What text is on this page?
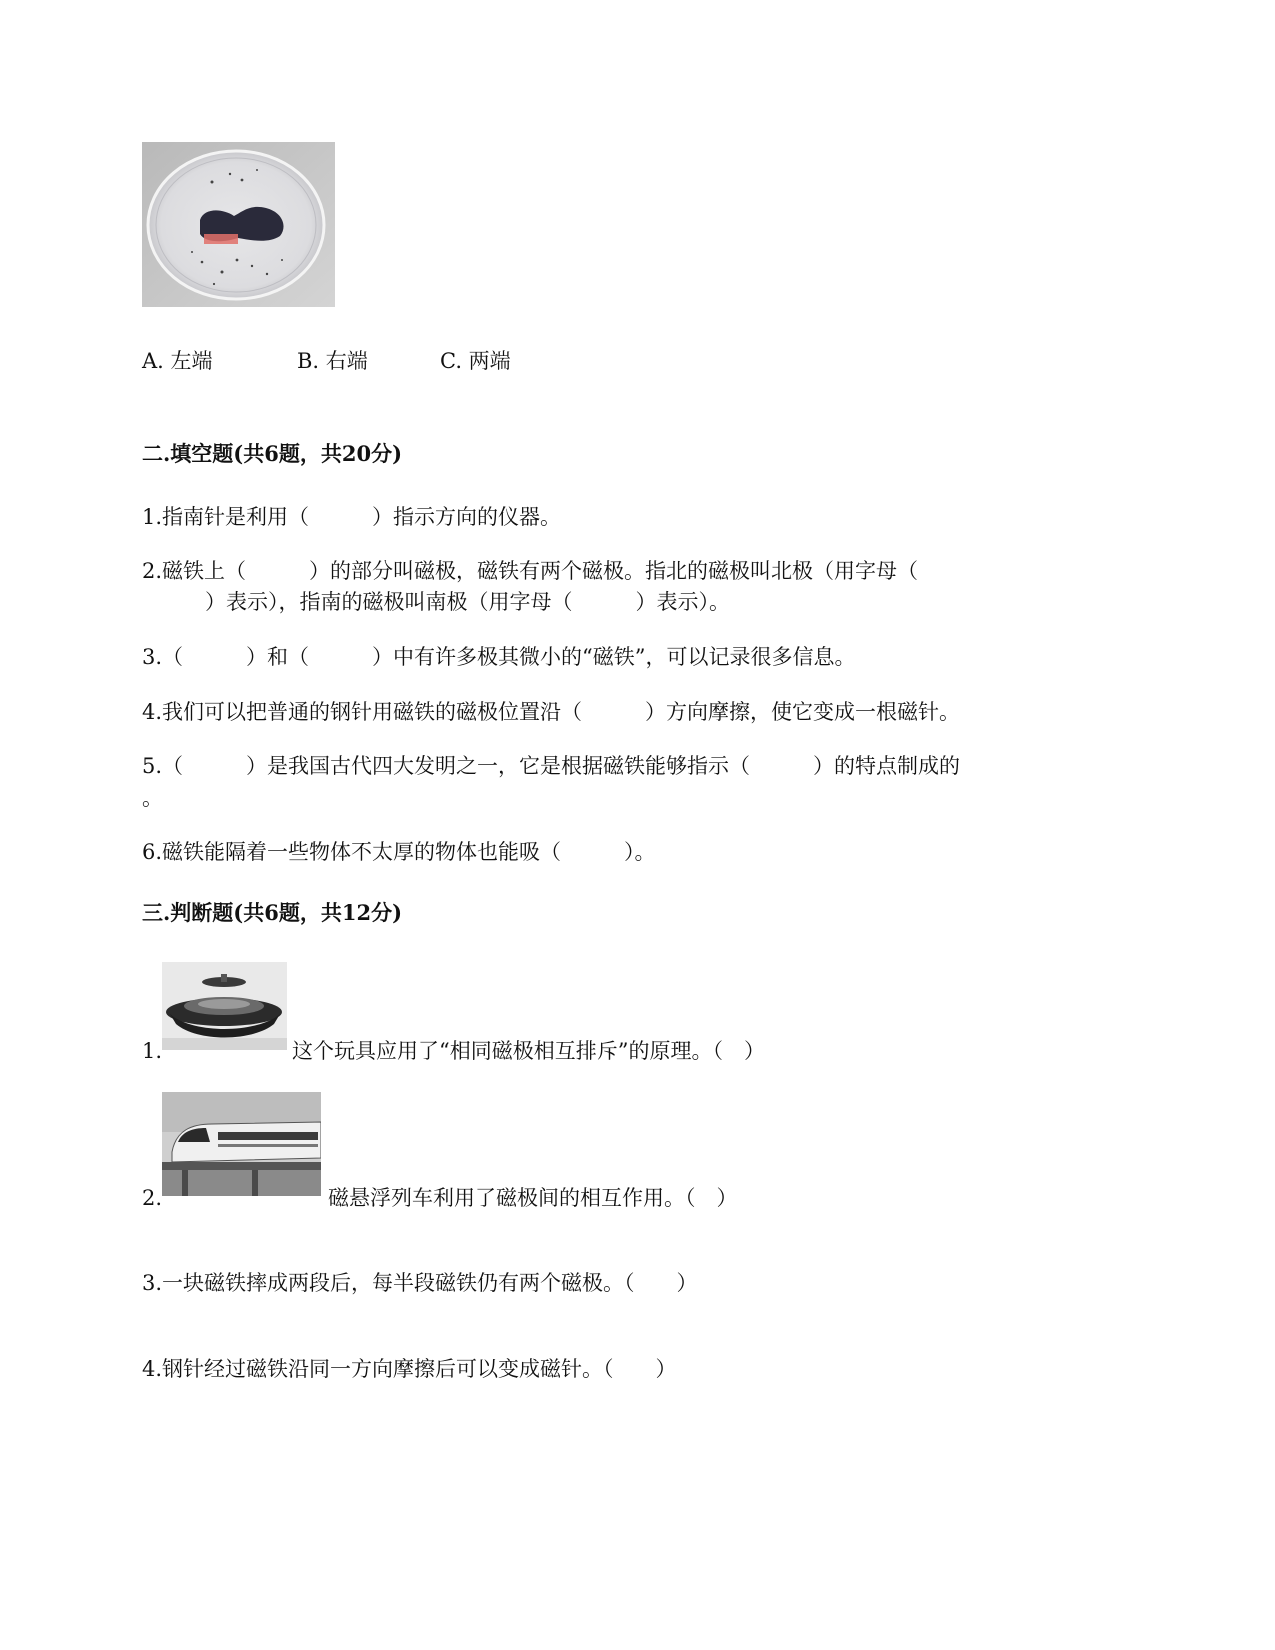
A. 左端	B. 右端	C. 两端
二.填空题(共6题，共20分)
1.指南针是利用（　　　）指示方向的仪器。
2.磁铁上（　　　）的部分叫磁极，磁铁有两个磁极。指北的磁极叫北极（用字母（
　　　）表示），指南的磁极叫南极（用字母（　　　）表示）。
3.（　　　）和（　　　）中有许多极其微小的“磁铁”，可以记录很多信息。
4.我们可以把普通的钢针用磁铁的磁极位置沿（　　　）方向摩擦，使它变成一根磁针。
5.（　　　）是我国古代四大发明之一，它是根据磁铁能够指示（　　　）的特点制成的
。
6.磁铁能隔着一些物体不太厚的物体也能吸（　　　）。
三.判断题(共6题，共12分)
1.	这个玩具应用了“相同磁极相互排斥”的原理。（　）
2.	磁悬浮列车利用了磁极间的相互作用。（　）
3.一块磁铁摔成两段后，每半段磁铁仍有两个磁极。（　　）
4.钢针经过磁铁沿同一方向摩擦后可以变成磁针。（　　）
